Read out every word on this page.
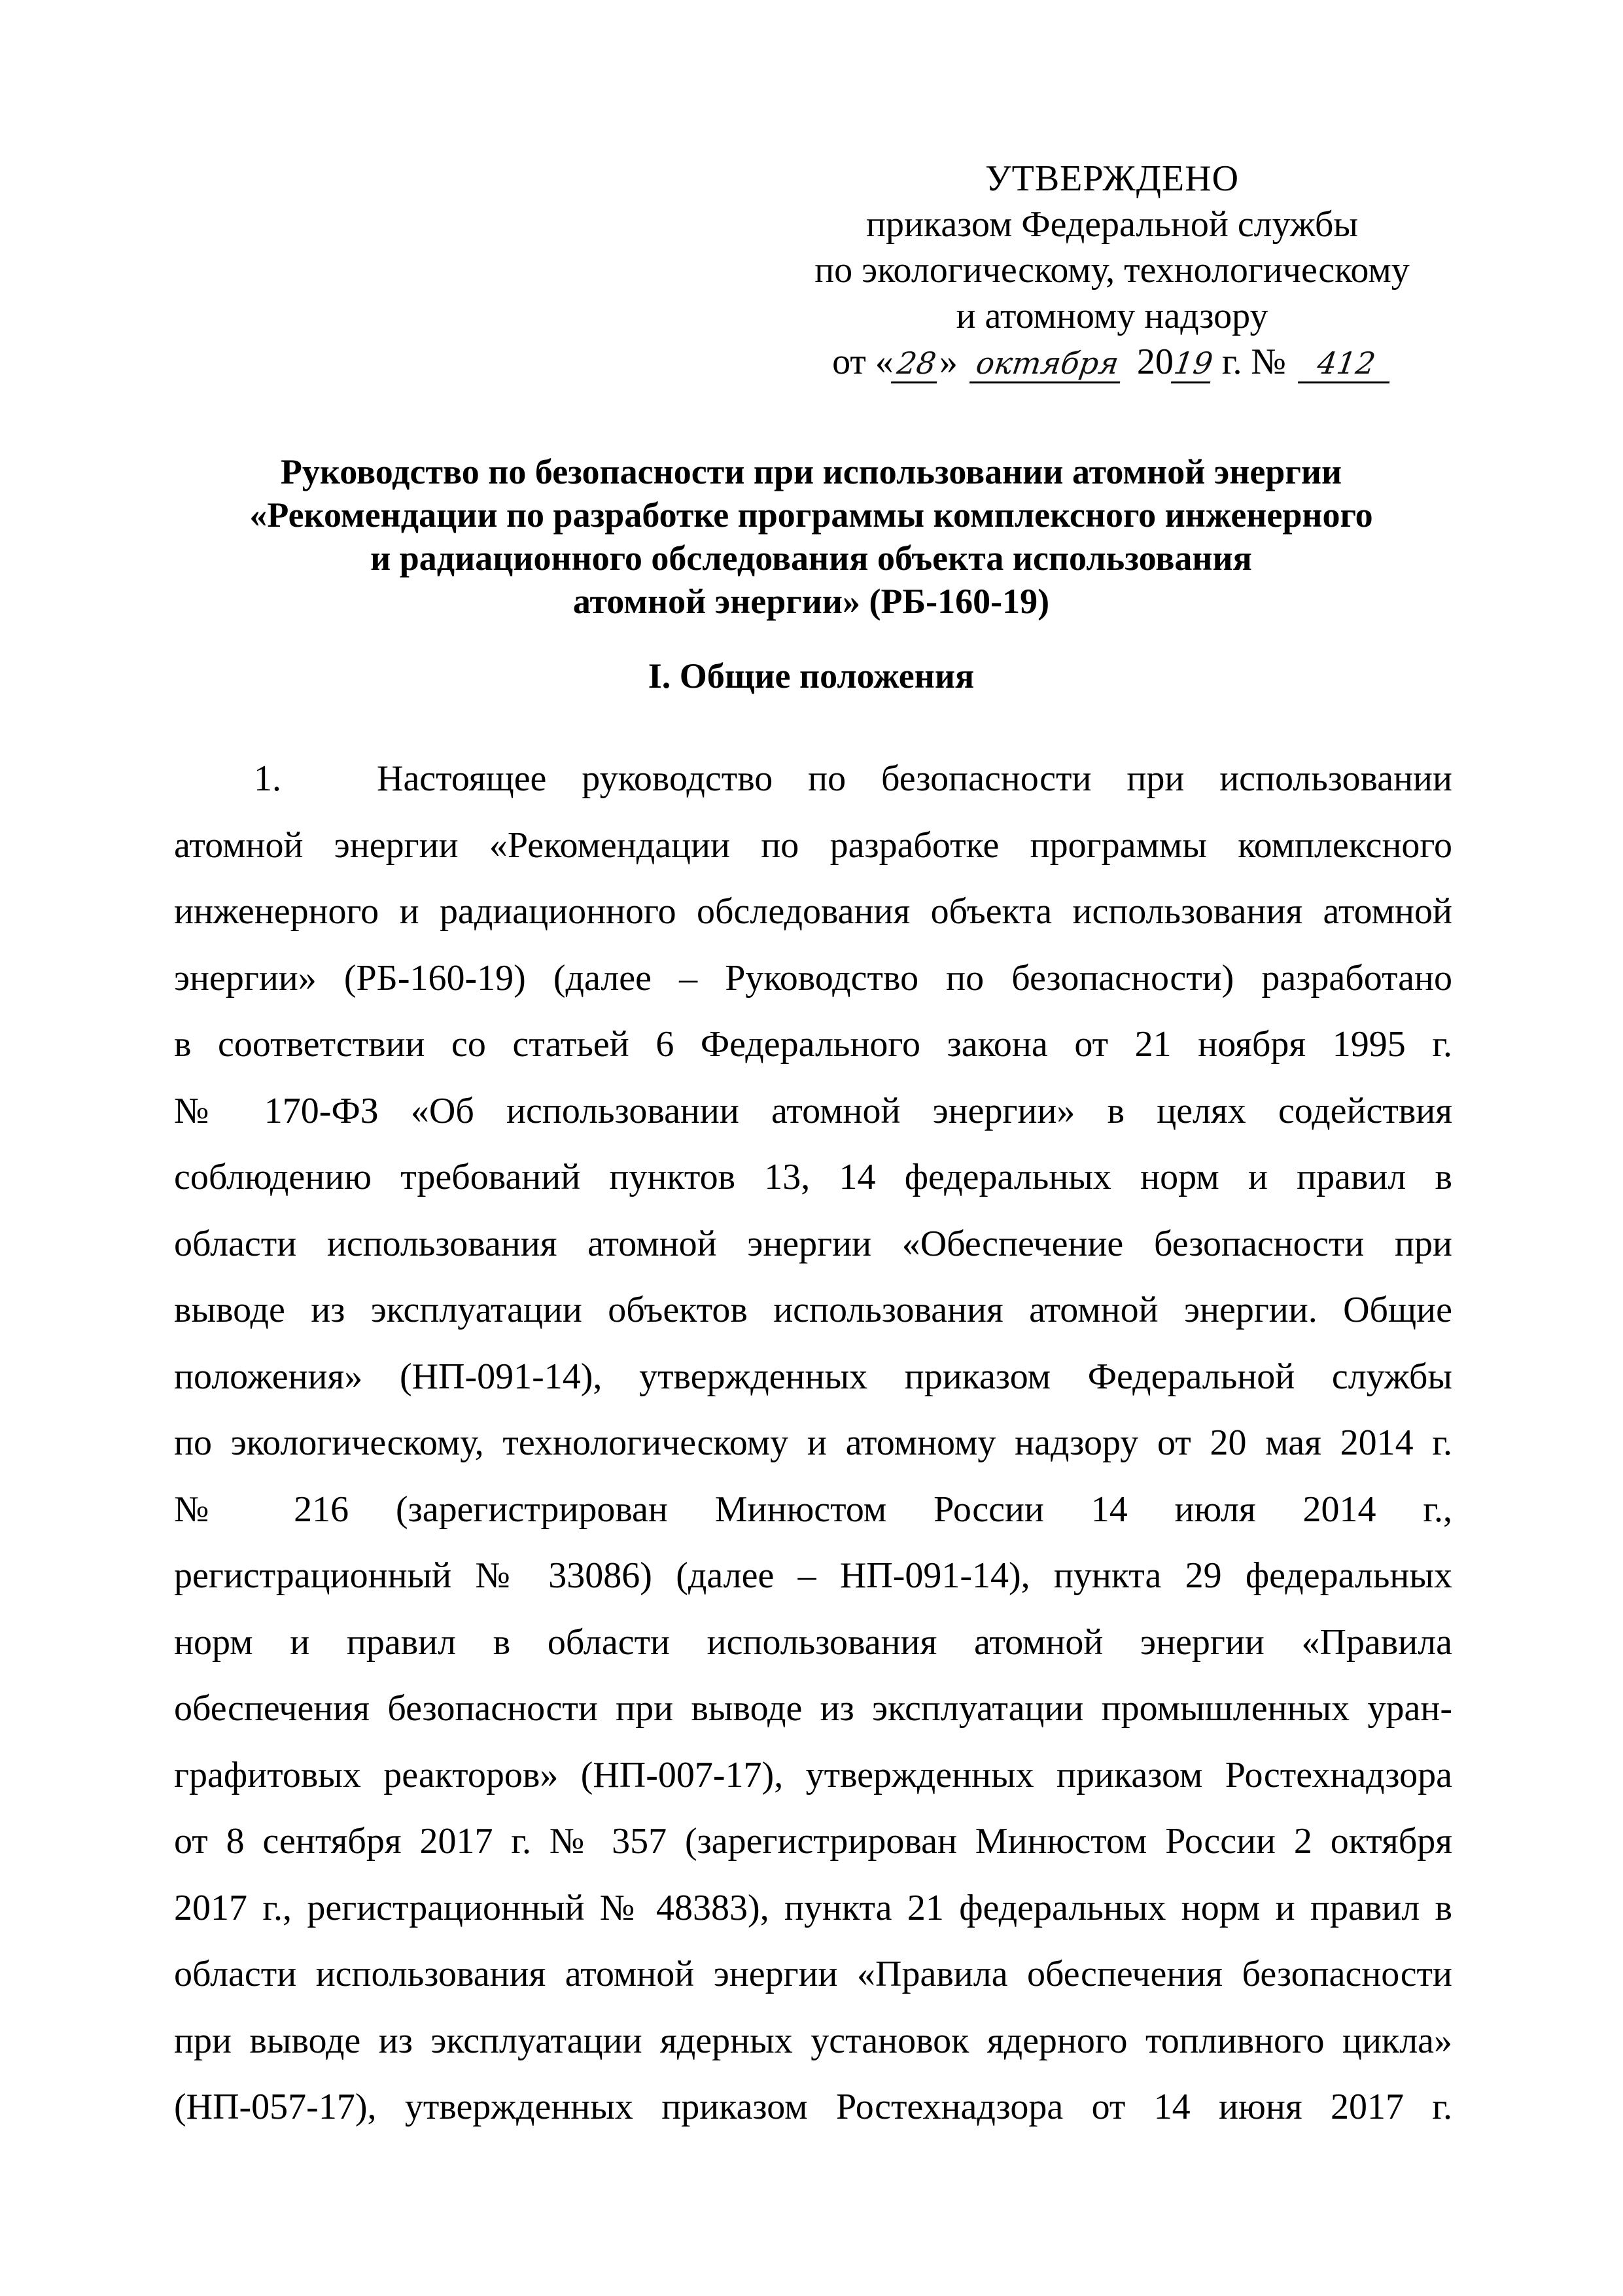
УТВЕРЖДЕНО
приказом Федеральной службы
по экологическому, технологическому
и атомному надзору
от «28» октября 2019 г. № 412
Руководство по безопасности при использовании атомной энергии
«Рекомендации по разработке программы комплексного инженерного
и радиационного обследования объекта использования
атомной энергии» (РБ-160-19)
I. Общие положения
1.	Настоящее руководство по безопасности при использовании
атомной энергии «Рекомендации по разработке программы комплексного
инженерного и радиационного обследования объекта использования атомной
энергии» (РБ-160-19) (далее – Руководство по безопасности) разработано
в соответствии со статьей 6 Федерального закона от 21 ноября 1995 г.
№ 170-ФЗ «Об использовании атомной энергии» в целях содействия
соблюдению требований пунктов 13, 14 федеральных норм и правил в
области использования атомной энергии «Обеспечение безопасности при
выводе из эксплуатации объектов использования атомной энергии. Общие
положения» (НП-091-14), утвержденных приказом Федеральной службы
по экологическому, технологическому и атомному надзору от 20 мая 2014 г.
№ 216 (зарегистрирован Минюстом России 14 июля 2014 г.,
регистрационный № 33086) (далее – НП-091-14), пункта 29 федеральных
норм и правил в области использования атомной энергии «Правила
обеспечения безопасности при выводе из эксплуатации промышленных уран-
графитовых реакторов» (НП-007-17), утвержденных приказом Ростехнадзора
от 8 сентября 2017 г. № 357 (зарегистрирован Минюстом России 2 октября
2017 г., регистрационный № 48383), пункта 21 федеральных норм и правил в
области использования атомной энергии «Правила обеспечения безопасности
при выводе из эксплуатации ядерных установок ядерного топливного цикла»
(НП-057-17), утвержденных приказом Ростехнадзора от 14 июня 2017 г.
